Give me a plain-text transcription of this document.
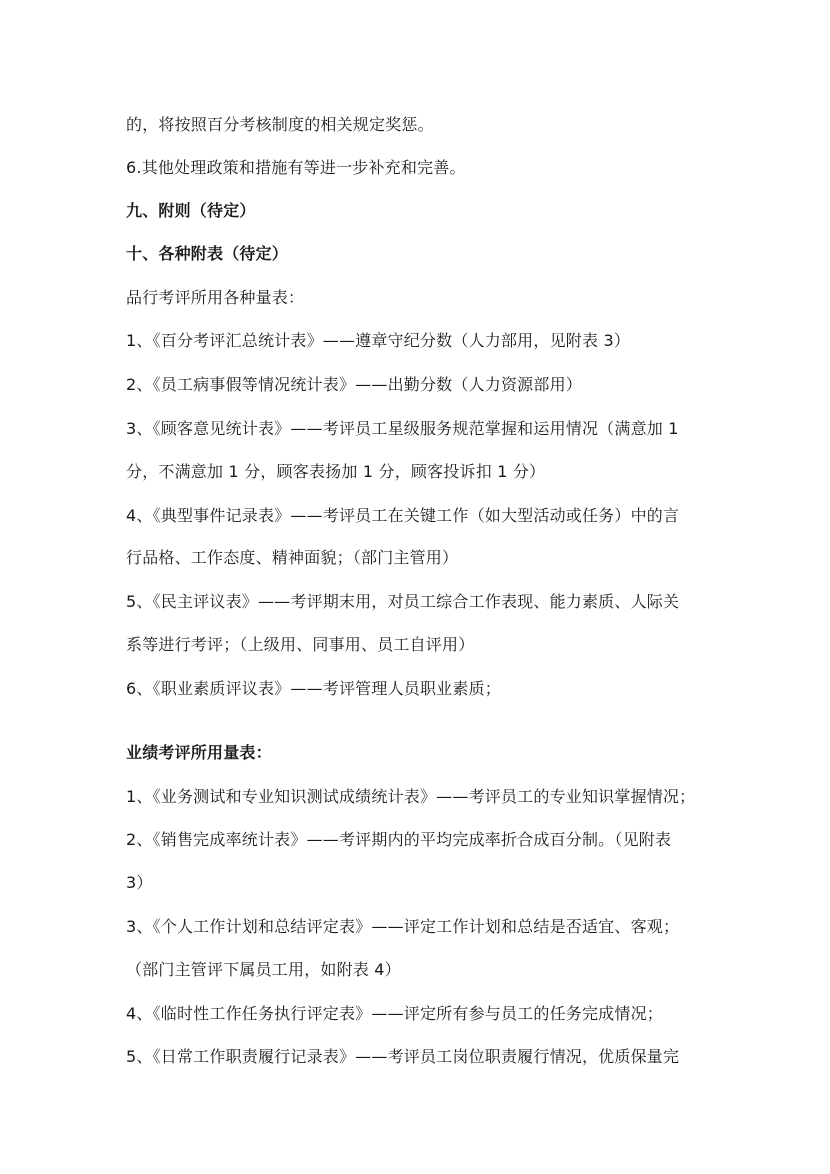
的，将按照百分考核制度的相关规定奖惩。
6.其他处理政策和措施有等进一步补充和完善。
九、附则（待定）
十、各种附表（待定）
品行考评所用各种量表：
1、《百分考评汇总统计表》——遵章守纪分数（人力部用，见附表 3）
2、《员工病事假等情况统计表》——出勤分数（人力资源部用）
3、《顾客意见统计表》——考评员工星级服务规范掌握和运用情况（满意加 1
分，不满意加 1 分，顾客表扬加 1 分，顾客投诉扣 1 分）
4、《典型事件记录表》——考评员工在关键工作（如大型活动或任务）中的言
行品格、工作态度、精神面貌；（部门主管用）
5、《民主评议表》——考评期末用，对员工综合工作表现、能力素质、人际关
系等进行考评；（上级用、同事用、员工自评用）
6、《职业素质评议表》——考评管理人员职业素质；
业绩考评所用量表：
1、《业务测试和专业知识测试成绩统计表》——考评员工的专业知识掌握情况；
2、《销售完成率统计表》——考评期内的平均完成率折合成百分制。（见附表
3）
3、《个人工作计划和总结评定表》——评定工作计划和总结是否适宜、客观；
（部门主管评下属员工用，如附表 4）
4、《临时性工作任务执行评定表》——评定所有参与员工的任务完成情况；
5、《日常工作职责履行记录表》——考评员工岗位职责履行情况，优质保量完
